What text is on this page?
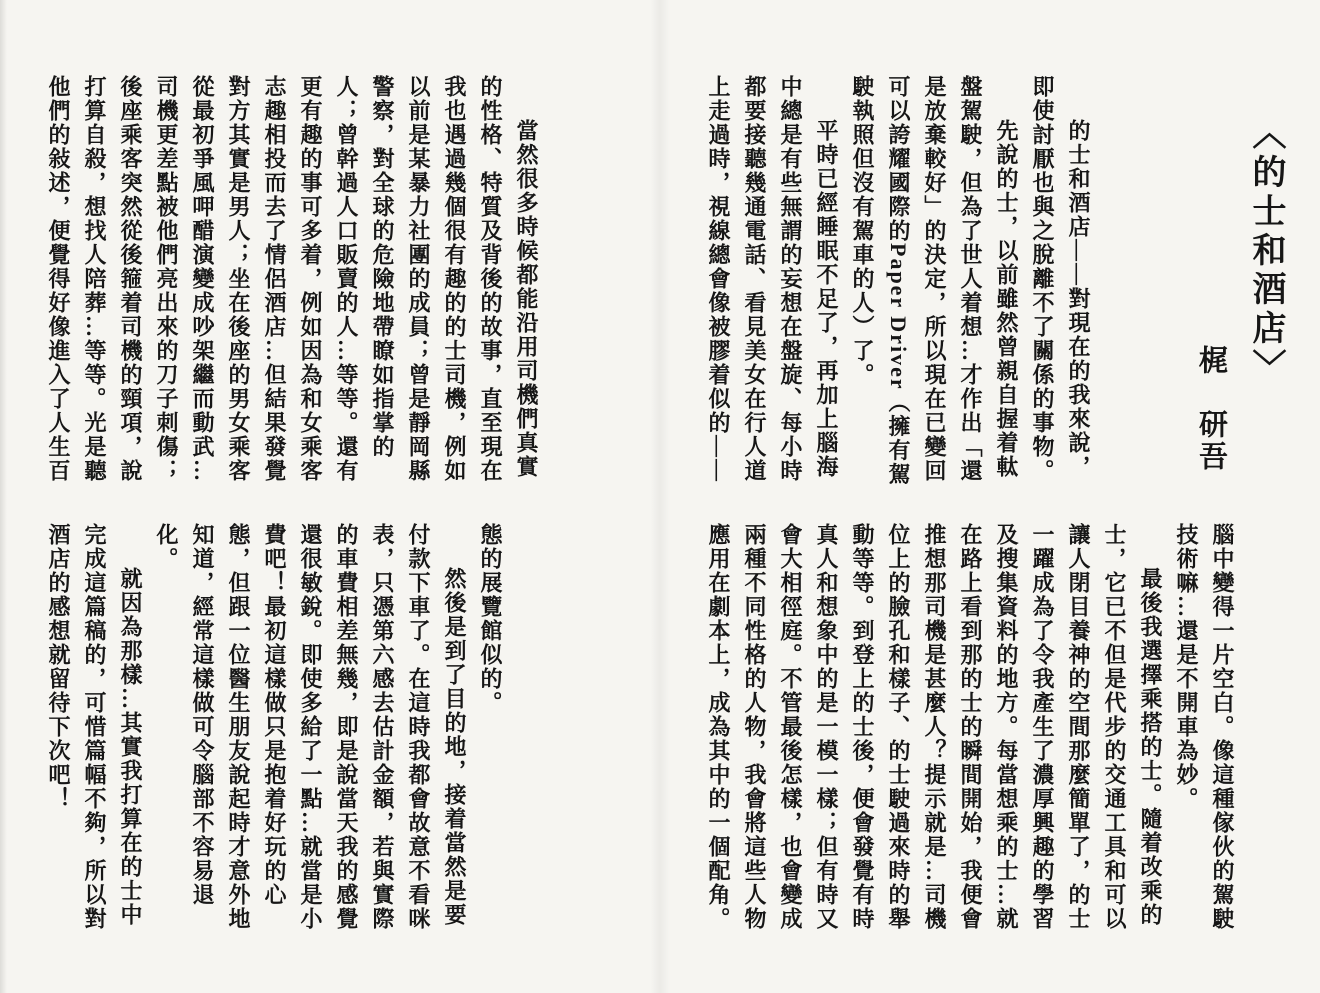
當然很多時候都能沿用司機們真實的性格、特質及背後的故事，直至現在我也遇過幾個很有趣的的士司機，例如以前是某暴力社團的成員；曾是靜岡縣警察，對全球的危險地帶瞭如指掌的人；曾幹過人口販賣的人…等等。還有更有趣的事可多着，例如因為和女乘客志趣相投而去了情侶酒店…但結果發覺對方其實是男人；坐在後座的男女乘客從最初爭風呷醋演變成吵架繼而動武…司機更差點被他們亮出來的刀子刺傷；後座乘客突然從後箍着司機的頸項，說打算自殺，想找人陪葬…等等。光是聽他們的敍述，便覺得好像進入了人生百

態的展覽館似的。

然後是到了目的地，接着當然是要付款下車了。在這時我都會故意不看咪表，只憑第六感去估計金額，若與實際的車費相差無幾，即是說當天我的感覺還很敏銳。即使多給了一點…就當是小費吧！最初這樣做只是抱着好玩的心態，但跟一位醫生朋友說起時才意外地知道，經常這樣做可令腦部不容易退化。

就因為那樣…其實我打算在的士中完成這篇稿的，可惜篇幅不夠，所以對酒店的感想就留待下次吧！

〈的士和酒店〉
梶　研吾

的士和酒店——對現在的我來說，即使討厭也與之脫離不了關係的事物。

先說的士，以前雖然曾親自握着軚盤駕駛，但為了世人着想…才作出「還是放棄較好」的決定，所以現在已變回可以誇耀國際的Paper Driver（擁有駕駛執照但沒有駕車的人）了。

平時已經睡眠不足了，再加上腦海中總是有些無謂的妄想在盤旋、每小時都要接聽幾通電話、看見美女在行人道上走過時，視線總會像被膠着似的——

腦中變得一片空白。像這種傢伙的駕駛技術嘛…還是不開車為妙。

最後我選擇乘搭的士。隨着改乘的士，它已不但是代步的交通工具和可以讓人閉目養神的空間那麼簡單了，的士一躍成為了令我產生了濃厚興趣的學習及搜集資料的地方。每當想乘的士…就在路上看到那的士的瞬間開始，我便會推想那司機是甚麼人？提示就是…司機位上的臉孔和樣子、的士駛過來時的舉動等等。到登上的士後，便會發覺有時真人和想象中的是一模一樣；但有時又會大相徑庭。不管最後怎樣，也會變成兩種不同性格的人物，我會將這些人物應用在劇本上，成為其中的一個配角。
